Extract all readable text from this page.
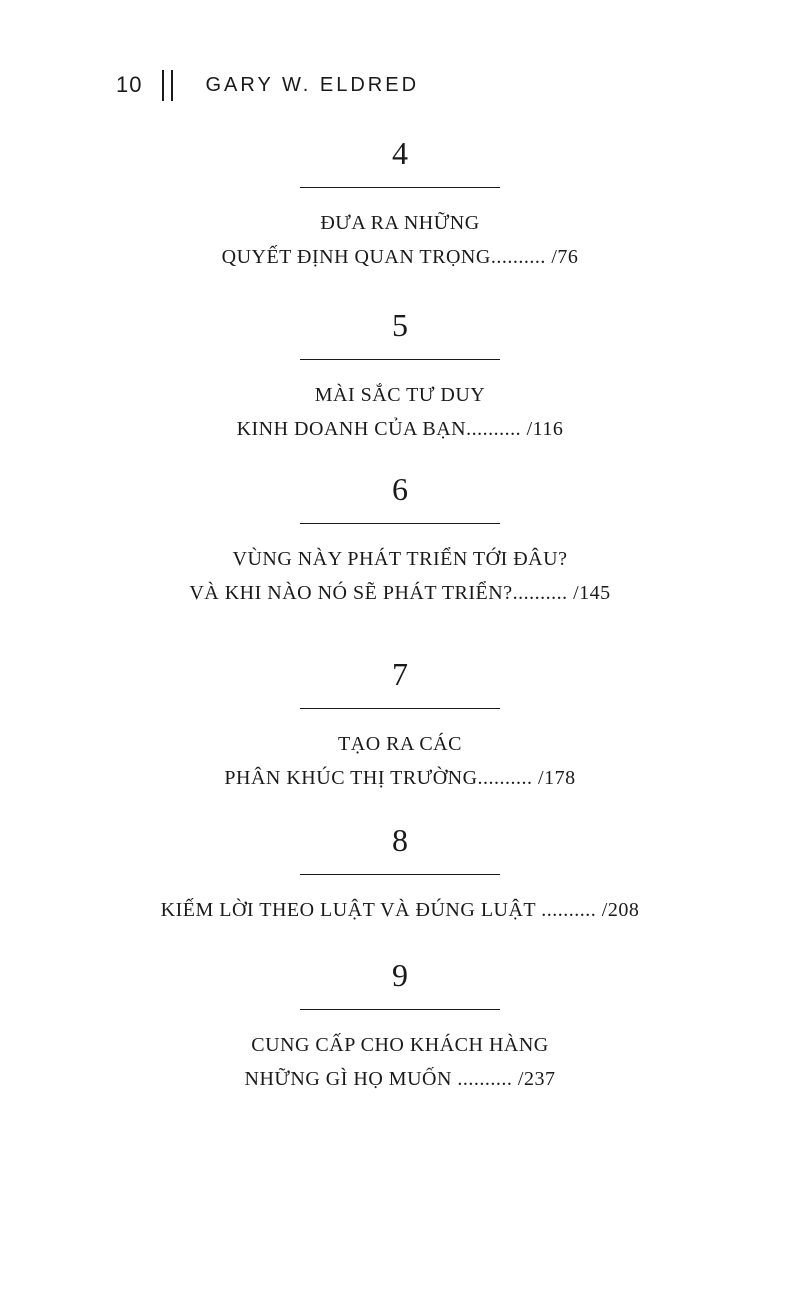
10	GARY W. ELDRED
4
ĐƯA RA NHỮNG
QUYẾT ĐỊNH QUAN TRỌNG.......... /76
5
MÀI SẮC TƯ DUY
KINH DOANH CỦA BẠN.......... /116
6
VÙNG NÀY PHÁT TRIỂN TỚI ĐÂU?
VÀ KHI NÀO NÓ SẼ PHÁT TRIỂN?.......... /145
7
TẠO RA CÁC
PHÂN KHÚC THỊ TRƯỜNG.......... /178
8
KIẾM LỜI THEO LUẬT VÀ ĐÚNG LUẬT .......... /208
9
CUNG CẤP CHO KHÁCH HÀNG
NHỮNG GÌ HỌ MUỐN .......... /237
